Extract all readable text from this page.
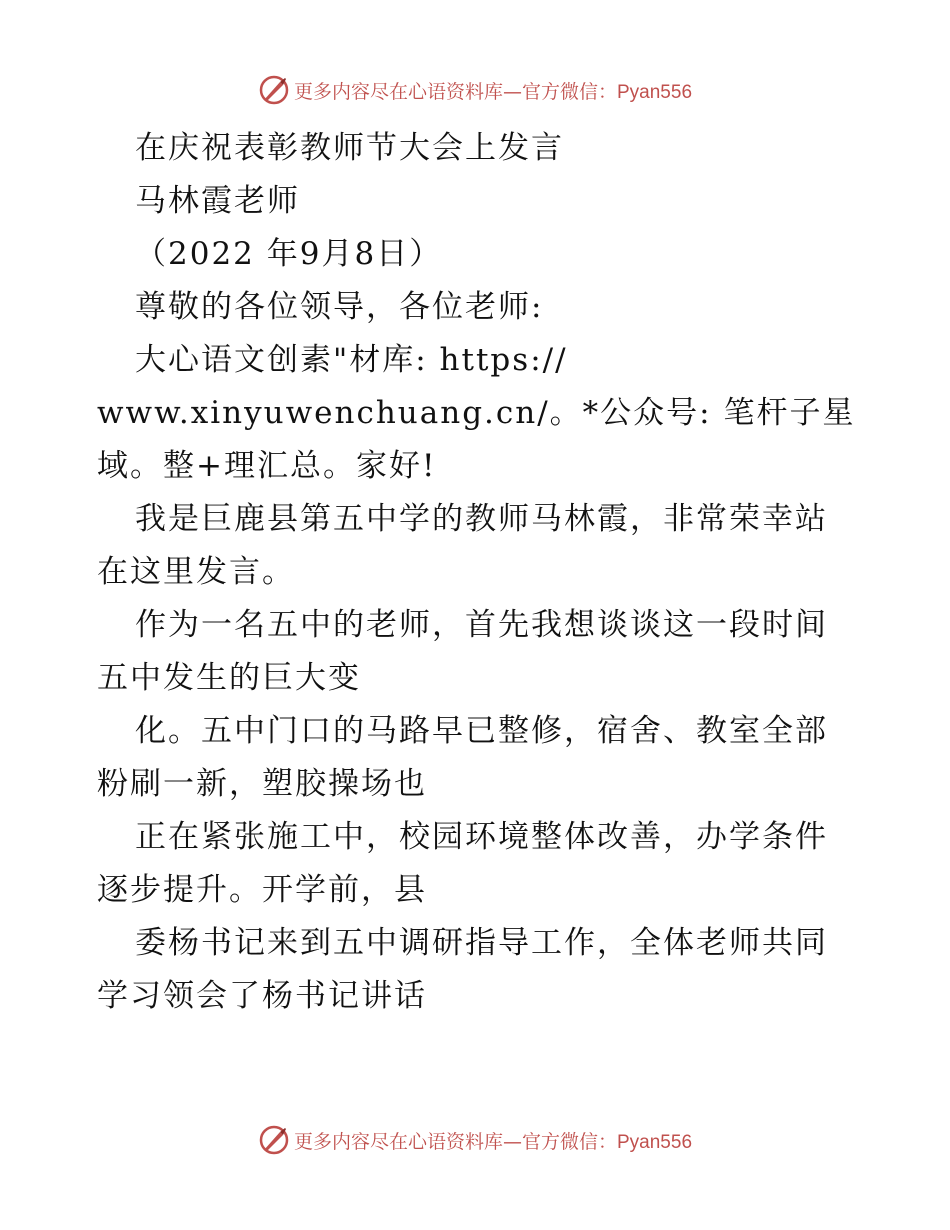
更多内容尽在心语资料库—官方微信：Pyan556
在庆祝表彰教师节大会上发言
马林霞老师
（2022 年9月8日）
尊敬的各位领导，各位老师:
大心语文创素"材库: https://
www.xinyuwenchuang.cn/。*公众号: 笔杆子星
域。整+理汇总。家好!
我是巨鹿县第五中学的教师马林霞，非常荣幸站
在这里发言。
作为一名五中的老师，首先我想谈谈这一段时间
五中发生的巨大变
化。五中门口的马路早已整修，宿舍、教室全部
粉刷一新，塑胶操场也
正在紧张施工中，校园环境整体改善，办学条件
逐步提升。开学前，县
委杨书记来到五中调研指导工作，全体老师共同
学习领会了杨书记讲话
更多内容尽在心语资料库—官方微信：Pyan556
